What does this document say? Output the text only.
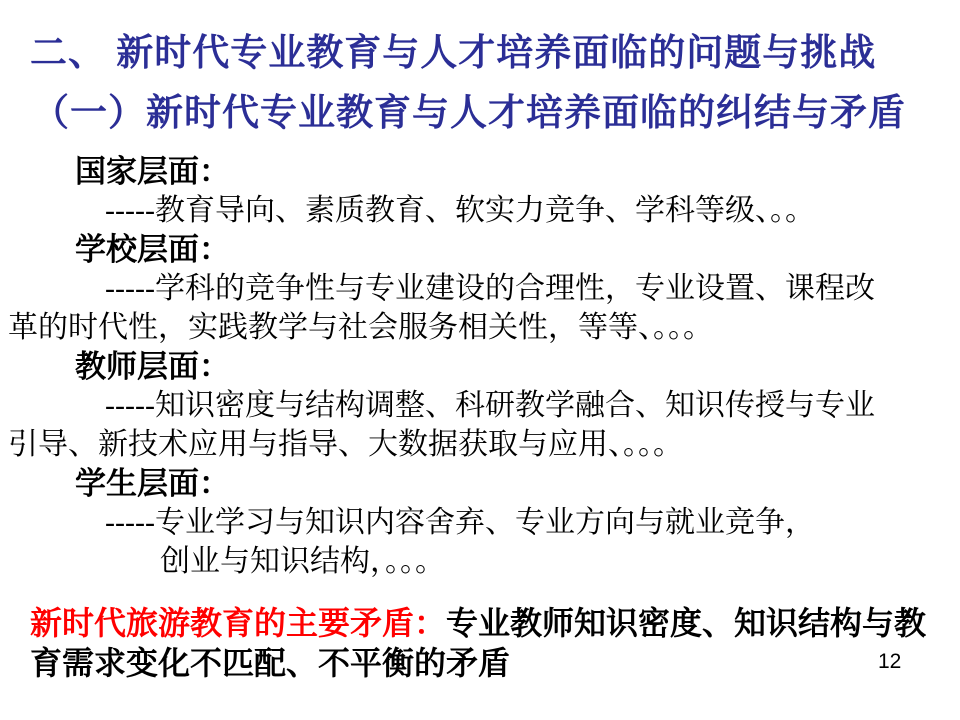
二、 新时代专业教育与人才培养面临的问题与挑战
（一）新时代专业教育与人才培养面临的纠结与矛盾
国家层面：
-----教育导向、素质教育、软实力竞争、学科等级、。。
学校层面：
-----学科的竞争性与专业建设的合理性，专业设置、课程改
革的时代性，实践教学与社会服务相关性，等等、。。。
教师层面：
-----知识密度与结构调整、科研教学融合、知识传授与专业
引导、新技术应用与指导、大数据获取与应用、。。。
学生层面：
-----专业学习与知识内容舍弃、专业方向与就业竞争，
创业与知识结构，。。。
新时代旅游教育的主要矛盾：专业教师知识密度、知识结构与教
育需求变化不匹配、不平衡的矛盾	12
